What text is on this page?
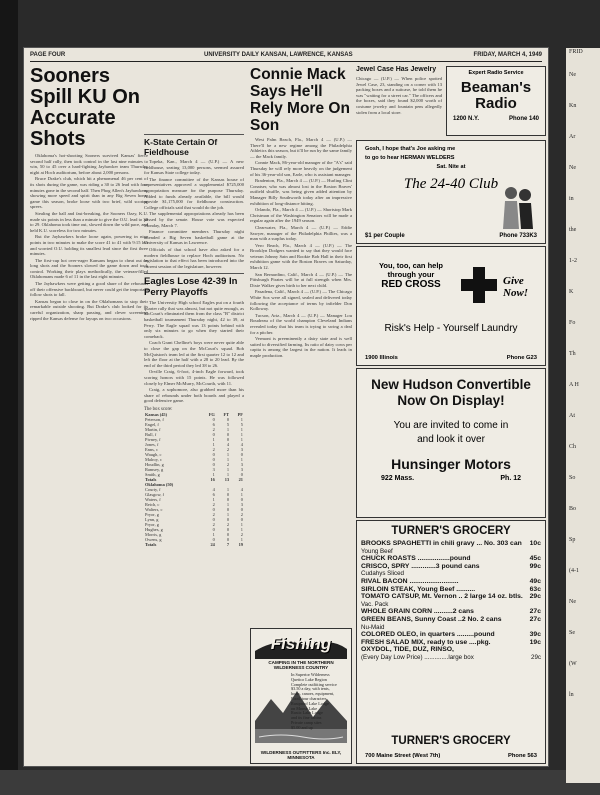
FRID
Ne
Kn
Ar
Ne
in
the
1-2
K
Fo
Th
A H
At
Ch
So
Bo
Sp
(4-1
Ne
Se
(W
ln
PAGE FOUR	UNIVERSITY DAILY KANSAN, LAWRENCE, KANSAS	FRIDAY, MARCH 4, 1949
Sooners Spill KU On Accurate Shots
Oklahoma's hot-shooting Sooners survived Kansas' fierce second half rally, then took control in the last nine minutes to win, 50 to 45 over a hard-fighting Jayhawker team Thursday night at Hoch auditorium, before about 2,000 persons.
Bruce Drake's club, which hit a phenomenal 46 per cent of its shots during the game, was riding a 30 to 26 lead with four minutes gone in the second half. Then Phog Allen's Jayhawkers, showing more speed and spirit than in any Big Seven home game this season, broke loose with two brief, wild scoring sprees.
Stealing the ball and fast-breaking, the Sooners Ozzy, K.U. made six points in less than a minute to give the O.U. lead to 38 to 29. Oklahoma took time out, slowed down the wild pace, and held K.U. scoreless for two minutes.
But the Jayhawkers broke loose again, powering in nine points in two minutes to make the score 41 to 41 with 9:15 left and worried O.U. holding its smallest lead since the first three minutes.
The first-cup hot over-eager Kansans began to cheat out on long shots and the Sooners slowed the game down and took control. Working their plays methodically, the veteran-filled Oklahomans made 6 of 11 in the last eight minutes.
The Jayhawkers were getting a good share of the rebounds off their offensive backboard, but never could get the important follow shots to fall.
Kansas began to close in on the Oklahomans to stop their remarkable outside shooting. But Drake's club looked for its careful organization, sharp passing, and clever screening, ripped the Kansas defense for layups on two occasions.
K-State Certain Of Fieldhouse
Topeka, Kan., March 4 — (U.P.) — A new fieldhouse, seating 13,000 persons, seemed assured for Kansas State college today.
The finance committee of the Kansas house of representatives approved a supplemental $725,000 appropriation measure for the purpose Thursday. Added to funds already available, the bill would provide $1,175,000 for fieldhouse construction. College officials said that would do the job.
The supplemental appropriations already has been passed by the senate. House vote was expected Monday, March 7.
Finance committee members Thursday night attended a Big Seven basketball game at the University of Kansas in Lawrence.
Officials of that school have also asked for a modern fieldhouse to replace Hoch auditorium. No legislation to that effect has been introduced into the current session of the legislature, however.
Eagles Lose 42-39 In Perry Playoffs
The University High school Eagles put on a fourth quarter rally that was almost, but not quite enough, as McCourt's eliminated them from the class "B" district basketball tournament Thursday night, 42 to 39, at Perry. The Eagle squad was 13 points behind with only six minutes to go when they started their comeback.
Coach Grant Chelline's boys were never quite able to close the gap on the McCourt's squad. Bob McQuiston's team led at the first quarter 12 to 12 and left the floor at the half with a 28 to 20 lead. By the end of the third period they led 38 to 26.
Orville Craig, 6-foot, 4-inch Eagle forward, took scoring honors with 15 points. He was followed closely by Elmer McMurry, McCourth, with 11.
Craig, a sophomore, also grabbed more than his share of rebounds under both boards and played a good defensive game.
The box score:
Kansas (45)	FG	FT	PF
Peterson, f	0	0	1
Engel, f	6	5	5
Martin, f	2	1	1
Bull, f	0	0	1
Pivney, f	1	0	1
Jones, f	1	4	4
Enns, c	2	2	3
Waugh, c	0	1	0
Malroy, c	0	1	1
Houdlin, g	0	2	3
Ramsey, g	3	1	3
Smith, g	1	1	0
Totals	16	13	21
Oklahoma (50)			
Courty, f	4	1	4
Glasgow, f	6	0	1
Waters, f	1	0	0
Reich, c	2	1	3
Walters, c	0	0	0
Pryor, g	2	1	2
Lynn, g	0	0	0
Pryor, g	2	2	1
Hughes, g	0	0	1
Morris, g	1	0	2
Owens, g	0	0	1
Totals	24	7	19
Connie Mack Says He'll Rely More On Son
West Palm Beach, Fla., March 4 — (U.P.) — There'll be a new regime among the Philadelphia Athletics this season, but it'll be run by the same family — the Mack family.
Connie Mack, 86-year-old manager of the "A's" said Thursday he will rely more heavily on the judgement of his 36-year-old son, Earle, who is assistant manager.
Bradenton, Fla., March 4 — (U.P.) — Hurling Clint Conatser, who was almost lost in the Boston Braves' outfield shuffle, was being given added attention by Manager Billy Southworth today after an impressive exhibition of long-distance hitting.
Orlando, Fla., March 4 — (U.P.) — Shortstop Mark Christman of the Washington Senators will be made a regular again after the 1949 season.
Clearwater, Fla., March 4 — (U.P.) — Eddie Sawyer, manager of the Philadelphia Phillies, was a man with a surplus today.
Vero Beach, Fla., March 4 — (U.P.) — The Brooklyn Dodgers wanted to say that they would face veteran Johnny Sain and Rookie Bob Hall in their first exhibition game with the Boston Braves on Saturday, March 12.
San Bernardino, Calif., March 4 — (U.P.) — The Pittsburgh Pirates will be at full strength when Mrs. Dixie Walker gives birth to her next child.
Pasadena, Calif., March 4 — (U.P.) — The Chicago White Sox were all signed, sealed and delivered today following the acceptance of terms by infielder Don Kolloway.
Tucson, Ariz., March 4 — (U.P.) — Manager Lou Boudreau of the world champion Cleveland Indians revealed today that his team is trying to swing a deal for a pitcher.
Vermont is preeminently a dairy state and is well suited to diversified farming. Its ratio of dairy cows per capita is among the largest in the nation. It leads in maple production.
Fishing
CAMPING IN THE NORTHERN WILDERNESS COUNTRY
In Superior Wilderness
Quetico Lake Region
Complete outfitting service
$3.50 a day, with tents,
boats, canoes, equipment,
Food, tour characters
Rustproof Lake Lodge
on Moose Lake
Rustic Lake Lodge
and its fine cabins
Private camp sites
$5.00 and up
WILDERNESS OUTFITTERS Inc. ELY, MINNESOTA
Jewel Case Has Jewelry
Chicago — (U.P.) — When police spotted Jewel Case, 23, standing on a corner with 13 packing boxes and a suitcase, he told them he was "waiting for a street car." The officers and the boxes, said they found $2,000 worth of costume jewelry and fountain pens allegedly stolen from a local store.
Expert Radio Service
Beaman's Radio
1200 N.Y.	Phone 140
Gosh, I hope that's Joe asking me
to go to hear HERMAN WELDERS
Sat. Nite at
The 24-40 Club
$1 per Couple	Phone 733K3
You, too, can help
through your
RED CROSS	Give Now!
Risk's Help - Yourself Laundry
1900 Illinois	Phone G23
New Hudson Convertible Now On Display!
You are invited to come in and look it over
Hunsinger Motors
922 Mass.	Ph. 12
TURNER'S GROCERY
BROOKS SPAGHETTI in chili gravy ... No. 303 can 10c
Young Beef
CHUCK ROASTS .................pound	45c
CRISCO, SPRY .............3 pound cans	99c
Cudahys Sliced
RIVAL BACON ..........................	49c
SIRLOIN STEAK, Young Beef ..........	63c
TOMATO CATSUP, Mt. Vernon .. 2 large 14 oz. btls. 29c
Vac. Pack
WHOLE GRAIN CORN ..........2 cans	27c
GREEN BEANS, Sunny Coast ..2 No. 2 cans	27c
Nu-Maid
COLORED OLEO, in quarters .........pound	39c
FRESH SALAD MIX, ready to use ....pkg.	19c
OXYDOL, TIDE, DUZ, RINSO,
(Every Day Low Price) ..............large box	29c
TURNER'S GROCERY
700 Maine Street (West 7th)	Phone 563
